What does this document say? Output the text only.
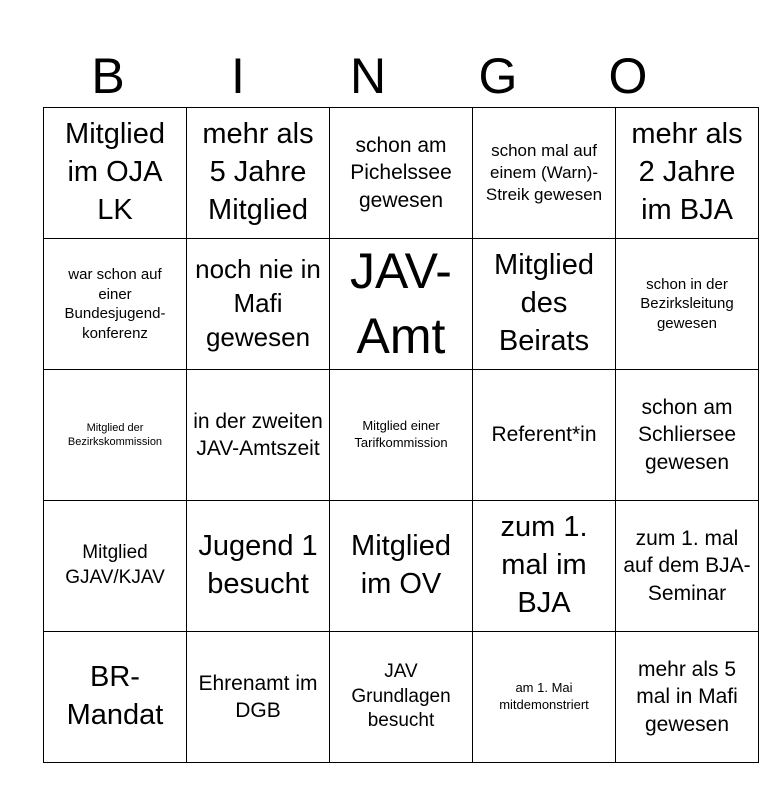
B	I	N	G	O
Mitglied im OJA LK	mehr als 5 Jahre Mitglied	schon am Pichelssee gewesen	schon mal auf einem (Warn)-Streik gewesen	mehr als 2 Jahre im BJA
war schon auf einer Bundesjugend-konferenz	noch nie in Mafi gewesen	JAV-Amt	Mitglied des Beirats	schon in der Bezirksleitung gewesen
Mitglied der Bezirkskommission	in der zweiten JAV-Amtszeit	Mitglied einer Tarifkommission	Referent*in	schon am Schliersee gewesen
Mitglied GJAV/KJAV	Jugend 1 besucht	Mitglied im OV	zum 1. mal im BJA	zum 1. mal auf dem BJA-Seminar
BR-Mandat	Ehrenamt im DGB	JAV Grundlagen besucht	am 1. Mai mitdemonstriert	mehr als 5 mal in Mafi gewesen
